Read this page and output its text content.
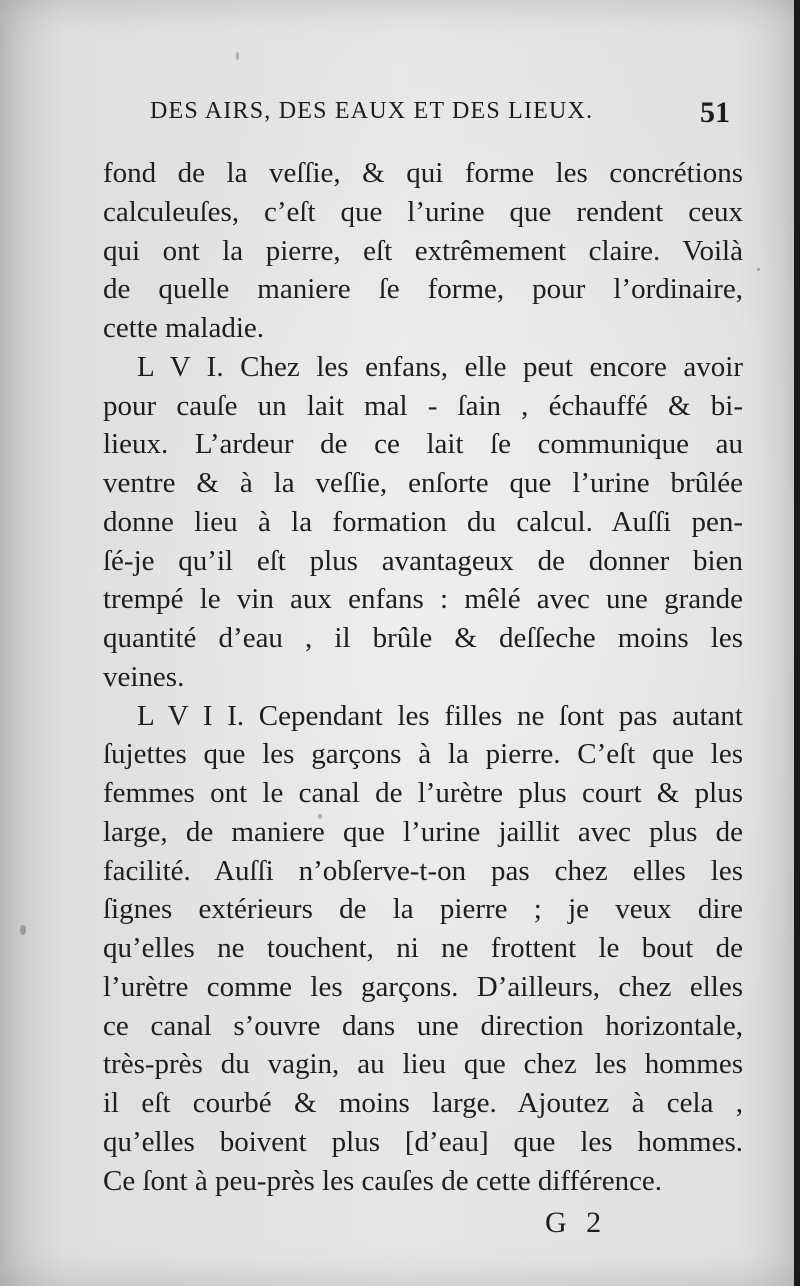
DES AIRS, DES EAUX ET DES LIEUX.	51
fond de la veſſie, & qui forme les concrétions
calculeuſes, c’eſt que l’urine que rendent ceux
qui ont la pierre, eſt extrêmement claire. Voilà
de quelle maniere ſe forme, pour l’ordinaire,
cette maladie.
L V I. Chez les enfans, elle peut encore avoir
pour cauſe un lait mal - ſain , échauffé & bi-
lieux. L’ardeur de ce lait ſe communique au
ventre & à la veſſie, enſorte que l’urine brûlée
donne lieu à la formation du calcul. Auſſi pen-
ſé-je qu’il eſt plus avantageux de donner bien
trempé le vin aux enfans : mêlé avec une grande
quantité d’eau , il brûle & deſſeche moins les
veines.
L V I I. Cependant les filles ne ſont pas autant
ſujettes que les garçons à la pierre. C’eſt que les
femmes ont le canal de l’urètre plus court & plus
large, de maniere que l’urine jaillit avec plus de
facilité. Auſſi n’obſerve-t-on pas chez elles les
ſignes extérieurs de la pierre ; je veux dire
qu’elles ne touchent, ni ne frottent le bout de
l’urètre comme les garçons. D’ailleurs, chez elles
ce canal s’ouvre dans une direction horizontale,
très-près du vagin, au lieu que chez les hommes
il eſt courbé & moins large. Ajoutez à cela ,
qu’elles boivent plus [d’eau] que les hommes.
Ce ſont à peu-près les cauſes de cette différence.
G 2
